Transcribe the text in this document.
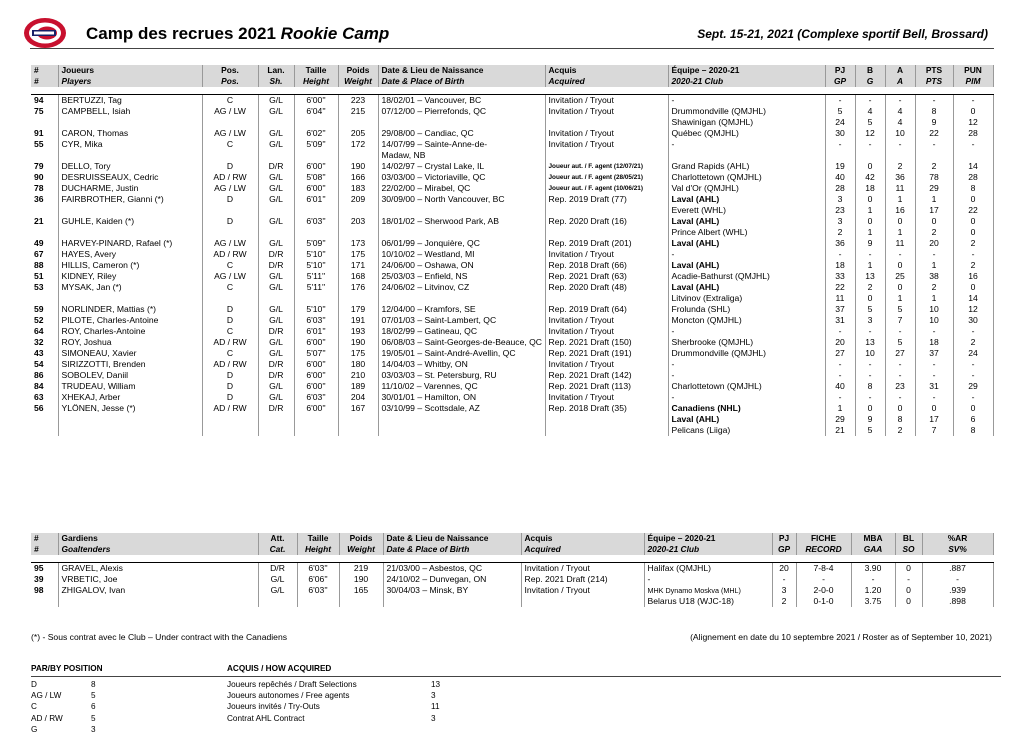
Camp des recrues 2021 Rookie Camp	Sept. 15-21, 2021 (Complexe sportif Bell, Brossard)
#	Joueurs	Pos.	Lan.	Taille	Poids	Date & Lieu de Naissance	Acquis	Équipe – 2020-21	PJ	B	A	PTS	PUN
#	Players	Pos.	Sh.	Height	Weight	Date & Place of Birth	Acquired	2020-21 Club	GP	G	A	PTS	PIM

94	BERTUZZI, Tag	C	G/L	6'00''	223	18/02/01 – Vancouver, BC	Invitation / Tryout	-	-	-	-	-	-
75	CAMPBELL, Isiah	AG / LW	G/L	6'04''	215	07/12/00 – Pierrefonds, QC	Invitation / Tryout	Drummondville (QMJHL)	5	4	4	8	0
								Shawinigan (QMJHL)	24	5	4	9	12
91	CARON, Thomas	AG / LW	G/L	6'02''	205	29/08/00 – Candiac, QC	Invitation / Tryout	Québec (QMJHL)	30	12	10	22	28
55	CYR, Mika	C	G/L	5'09''	172	14/07/99 – Sainte-Anne-de-	Invitation / Tryout	-	-	-	-	-	-
						Madaw, NB							
79	DELLO, Tory	D	D/R	6'00''	190	14/02/97 – Crystal Lake, IL	Joueur aut. / F. agent (12/07/21)	Grand Rapids (AHL)	19	0	2	2	14
90	DESRUISSEAUX, Cedric	AD / RW	G/L	5'08''	166	03/03/00 – Victoriaville, QC	Joueur aut. / F. agent (28/05/21)	Charlottetown (QMJHL)	40	42	36	78	28
78	DUCHARME, Justin	AG / LW	G/L	6'00''	183	22/02/00 – Mirabel, QC	Joueur aut. / F. agent (10/06/21)	Val d'Or (QMJHL)	28	18	11	29	8
36	FAIRBROTHER, Gianni (*)	D	G/L	6'01''	209	30/09/00 – North Vancouver, BC	Rep. 2019 Draft (77)	Laval (AHL)	3	0	1	1	0
								Everett (WHL)	23	1	16	17	22
21	GUHLE, Kaiden (*)	D	G/L	6'03''	203	18/01/02 – Sherwood Park, AB	Rep. 2020 Draft (16)	Laval (AHL)	3	0	0	0	0
								Prince Albert (WHL)	2	1	1	2	0
49	HARVEY-PINARD, Rafael (*)	AG / LW	G/L	5'09''	173	06/01/99 – Jonquière, QC	Rep. 2019 Draft (201)	Laval (AHL)	36	9	11	20	2
67	HAYES, Avery	AD / RW	D/R	5'10''	175	10/10/02 – Westland, MI	Invitation / Tryout	-	-	-	-	-	-
88	HILLIS, Cameron (*)	C	D/R	5'10''	171	24/06/00 – Oshawa, ON	Rep. 2018 Draft (66)	Laval (AHL)	18	1	0	1	2
51	KIDNEY, Riley	AG / LW	G/L	5'11''	168	25/03/03 – Enfield, NS	Rep. 2021 Draft (63)	Acadie-Bathurst (QMJHL)	33	13	25	38	16
53	MYSAK, Jan (*)	C	G/L	5'11''	176	24/06/02 – Litvinov, CZ	Rep. 2020 Draft (48)	Laval (AHL)	22	2	0	2	0
								Litvinov (Extraliga)	11	0	1	1	14
59	NORLINDER, Mattias (*)	D	G/L	5'10''	179	12/04/00 – Kramfors, SE	Rep. 2019 Draft (64)	Frolunda (SHL)	37	5	5	10	12
52	PILOTE, Charles-Antoine	D	G/L	6'03''	191	07/01/03 – Saint-Lambert, QC	Invitation / Tryout	Moncton (QMJHL)	31	3	7	10	30
64	ROY, Charles-Antoine	C	D/R	6'01''	193	18/02/99 – Gatineau, QC	Invitation / Tryout	-	-	-	-	-	-
32	ROY, Joshua	AD / RW	G/L	6'00''	190	06/08/03 – Saint-Georges-de-Beauce, QC	Rep. 2021 Draft (150)	Sherbrooke (QMJHL)	20	13	5	18	2
43	SIMONEAU, Xavier	C	G/L	5'07''	175	19/05/01 – Saint-André-Avellin, QC	Rep. 2021 Draft (191)	Drummondville (QMJHL)	27	10	27	37	24
54	SIRIZZOTTI, Brenden	AD / RW	D/R	6'00''	180	14/04/03 – Whitby, ON	Invitation / Tryout	-	-	-	-	-	-
86	SOBOLEV, Daniil	D	D/R	6'00''	210	03/03/03 – St. Petersburg, RU	Rep. 2021 Draft (142)	-	-	-	-	-	-
84	TRUDEAU, William	D	G/L	6'00''	189	11/10/02 – Varennes, QC	Rep. 2021 Draft (113)	Charlottetown (QMJHL)	40	8	23	31	29
63	XHEKAJ, Arber	D	G/L	6'03''	204	30/01/01 – Hamilton, ON	Invitation / Tryout	-	-	-	-	-	-
56	YLÖNEN, Jesse (*)	AD / RW	D/R	6'00''	167	03/10/99 – Scottsdale, AZ	Rep. 2018 Draft (35)	Canadiens (NHL)	1	0	0	0	0
								Laval (AHL)	29	9	8	17	6
								Pelicans (Liiga)	21	5	2	7	8
#	Gardiens	Att.	Taille	Poids	Date & Lieu de Naissance	Acquis	Équipe – 2020-21	PJ	FICHE	MBA	BL	%AR
#	Goaltenders	Cat.	Height	Weight	Date & Place of Birth	Acquired	2020-21 Club	GP	RECORD	GAA	SO	SV%

95	GRAVEL, Alexis	D/R	6'03''	219	21/03/00 – Asbestos, QC	Invitation / Tryout	Halifax (QMJHL)	20	7-8-4	3.90	0	.887
39	VRBETIC, Joe	G/L	6'06''	190	24/10/02 – Dunvegan, ON	Rep. 2021 Draft (214)	-	-	-	-	-	-
98	ZHIGALOV, Ivan	G/L	6'03''	165	30/04/03 – Minsk, BY	Invitation / Tryout	MHK Dynamo Moskva (MHL)	3	2-0-0	1.20	0	.939
							Belarus U18 (WJC-18)	2	0-1-0	3.75	0	.898
(*) - Sous contrat avec le Club – Under contract with the Canadiens	(Alignement en date du 10 septembre 2021 / Roster as of September 10, 2021)
PAR/BY POSITION	ACQUIS / HOW ACQUIRED
D	8
AG / LW	5
C	6
AD / RW	5
G	3
Joueurs repêchés / Draft Selections	13
Joueurs autonomes / Free agents	3
Joueurs invités / Try-Outs	11
Contrat AHL Contract	3
